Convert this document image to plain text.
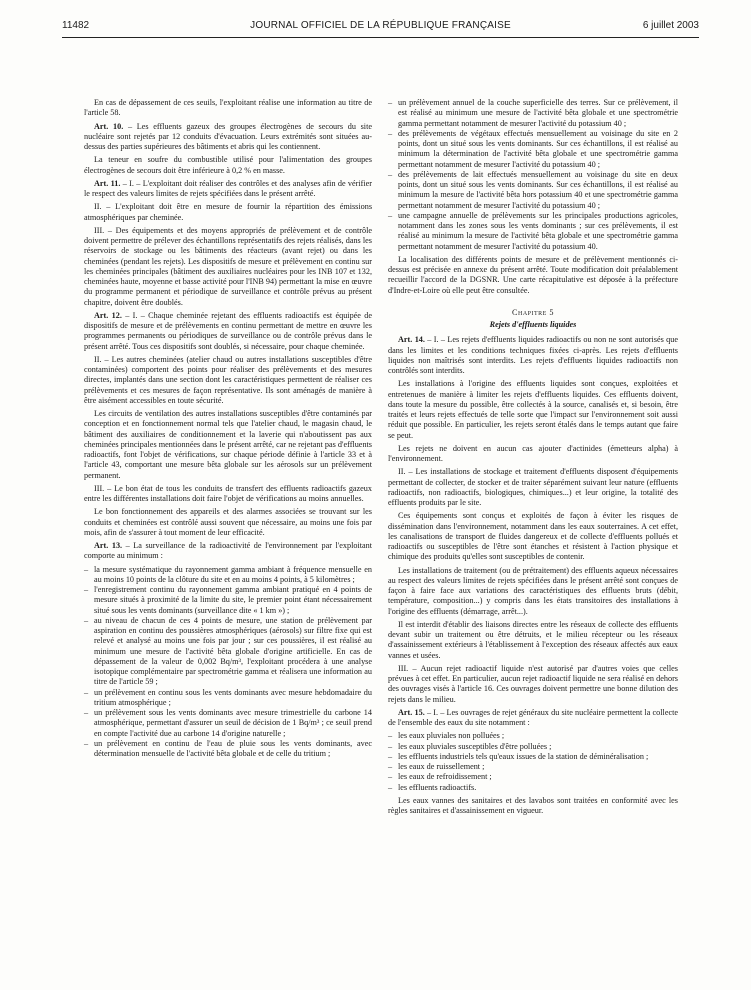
11482	JOURNAL OFFICIEL DE LA RÉPUBLIQUE FRANÇAISE	6 juillet 2003

En cas de dépassement de ces seuils, l'exploitant réalise une information au titre de l'article 58.

Art. 10. – Les effluents gazeux des groupes électrogènes de secours du site nucléaire sont rejetés par 12 conduits d'évacuation. Leurs extrémités sont situées au-dessus des parties supérieures des bâtiments et abris qui les contiennent.

La teneur en soufre du combustible utilisé pour l'alimentation des groupes électrogènes de secours doit être inférieure à 0,2 % en masse.

Art. 11. – I. – L'exploitant doit réaliser des contrôles et des analyses afin de vérifier le respect des valeurs limites de rejets spécifiées dans le présent arrêté.

II. – L'exploitant doit être en mesure de fournir la répartition des émissions atmosphériques par cheminée.

III. – Des équipements et des moyens appropriés de prélèvement et de contrôle doivent permettre de prélever des échantillons représentatifs des rejets réalisés, dans les réservoirs de stockage ou les bâtiments des réacteurs (avant rejet) ou dans les cheminées (pendant les rejets). Les dispositifs de mesure et prélèvement en continu sur les cheminées principales (bâtiment des auxiliaires nucléaires pour les INB 107 et 132, cheminées haute, moyenne et basse activité pour l'INB 94) permettant la mise en œuvre du programme permanent et périodique de surveillance et contrôle prévus au présent chapitre, doivent être doublés.

Art. 12. – I. – Chaque cheminée rejetant des effluents radioactifs est équipée de dispositifs de mesure et de prélèvements en continu permettant de mettre en œuvre les programmes permanents ou périodiques de surveillance ou de contrôle prévus dans le présent arrêté. Tous ces dispositifs sont doublés, si nécessaire, pour chaque cheminée.

II. – Les autres cheminées (atelier chaud ou autres installations susceptibles d'être contaminées) comportent des points pour réaliser des prélèvements et des mesures directes, implantés dans une section dont les caractéristiques permettent de réaliser ces prélèvements et ces mesures de façon représentative. Ils sont aménagés de manière à être aisément accessibles en toute sécurité.

Les circuits de ventilation des autres installations susceptibles d'être contaminés par conception et en fonctionnement normal tels que l'atelier chaud, le magasin chaud, le bâtiment des auxiliaires de conditionnement et la laverie qui n'aboutissent pas aux cheminées principales mentionnées dans le présent arrêté, car ne rejetant pas d'effluents radioactifs, font l'objet de vérifications, sur chaque période définie à l'article 33 et à l'article 43, comportant une mesure bêta globale sur les aérosols sur un prélèvement permanent.

III. – Le bon état de tous les conduits de transfert des effluents radioactifs gazeux entre les différentes installations doit faire l'objet de vérifications au moins annuelles.

Le bon fonctionnement des appareils et des alarmes associées se trouvant sur les conduits et cheminées est contrôlé aussi souvent que nécessaire, au moins une fois par mois, afin de s'assurer à tout moment de leur efficacité.

Art. 13. – La surveillance de la radioactivité de l'environnement par l'exploitant comporte au minimum :

– la mesure systématique du rayonnement gamma ambiant à fréquence mensuelle en au moins 10 points de la clôture du site et en au moins 4 points, à 5 kilomètres ;
– l'enregistrement continu du rayonnement gamma ambiant pratiqué en 4 points de mesure situés à proximité de la limite du site, le premier point étant nécessairement situé sous les vents dominants (surveillance dite « 1 km ») ;
– au niveau de chacun de ces 4 points de mesure, une station de prélèvement par aspiration en continu des poussières atmosphériques (aérosols) sur filtre fixe qui est relevé et analysé au moins une fois par jour ; sur ces poussières, il est réalisé au minimum une mesure de l'activité bêta globale d'origine artificielle. En cas de dépassement de la valeur de 0,002 Bq/m³, l'exploitant procédera à une analyse isotopique complémentaire par spectrométrie gamma et réalisera une information au titre de l'article 59 ;
– un prélèvement en continu sous les vents dominants avec mesure hebdomadaire du tritium atmosphérique ;
– un prélèvement sous les vents dominants avec mesure trimestrielle du carbone 14 atmosphérique, permettant d'assurer un seuil de décision de 1 Bq/m³ ; ce seuil prend en compte l'activité due au carbone 14 d'origine naturelle ;
– un prélèvement en continu de l'eau de pluie sous les vents dominants, avec détermination mensuelle de l'activité bêta globale et de celle du tritium ;
– un prélèvement annuel de la couche superficielle des terres. Sur ce prélèvement, il est réalisé au minimum une mesure de l'activité bêta globale et une spectrométrie gamma permettant notamment de mesurer l'activité du potassium 40 ;
– des prélèvements de végétaux effectués mensuellement au voisinage du site en 2 points, dont un situé sous les vents dominants. Sur ces échantillons, il est réalisé au minimum la détermination de l'activité bêta globale et une spectrométrie gamma permettant notamment de mesurer l'activité du potassium 40 ;
– des prélèvements de lait effectués mensuellement au voisinage du site en deux points, dont un situé sous les vents dominants. Sur ces échantillons, il est réalisé au minimum la mesure de l'activité bêta hors potassium 40 et une spectrométrie gamma permettant notamment de mesurer l'activité du potassium 40 ;
– une campagne annuelle de prélèvements sur les principales productions agricoles, notamment dans les zones sous les vents dominants ; sur ces prélèvements, il est réalisé au minimum la mesure de l'activité bêta globale et une spectrométrie gamma permettant notamment de mesurer l'activité du potassium 40.

La localisation des différents points de mesure et de prélèvement mentionnés ci-dessus est précisée en annexe du présent arrêté. Toute modification doit préalablement recueillir l'accord de la DGSNR. Une carte récapitulative est déposée à la préfecture d'Indre-et-Loire où elle peut être consultée.

Chapitre 5
Rejets d'effluents liquides

Art. 14. – I. – Les rejets d'effluents liquides radioactifs ou non ne sont autorisés que dans les limites et les conditions techniques fixées ci-après. Les rejets d'effluents liquides non maîtrisés sont interdits. Les rejets d'effluents liquides radioactifs non contrôlés sont interdits.

Les installations à l'origine des effluents liquides sont conçues, exploitées et entretenues de manière à limiter les rejets d'effluents liquides. Ces effluents doivent, dans toute la mesure du possible, être collectés à la source, canalisés et, si besoin, être traités et leurs rejets effectués de telle sorte que l'impact sur l'environnement soit aussi réduit que possible. En particulier, les rejets seront étalés dans le temps autant que faire se peut.

Les rejets ne doivent en aucun cas ajouter d'actinides (émetteurs alpha) à l'environnement.

II. – Les installations de stockage et traitement d'effluents disposent d'équipements permettant de collecter, de stocker et de traiter séparément suivant leur nature (effluents radioactifs, non radioactifs, biologiques, chimiques...) et leur origine, la totalité des effluents produits par le site.

Ces équipements sont conçus et exploités de façon à éviter les risques de dissémination dans l'environnement, notamment dans les eaux souterraines. A cet effet, les canalisations de transport de fluides dangereux et de collecte d'effluents pollués et radioactifs ou susceptibles de l'être sont étanches et résistent à l'action physique et chimique des produits qu'elles sont susceptibles de contenir.

Les installations de traitement (ou de prétraitement) des effluents aqueux nécessaires au respect des valeurs limites de rejets spécifiées dans le présent arrêté sont conçues de façon à faire face aux variations des caractéristiques des effluents bruts (débit, température, composition...) y compris dans les états transitoires des installations à l'origine des effluents (démarrage, arrêt...).

Il est interdit d'établir des liaisons directes entre les réseaux de collecte des effluents devant subir un traitement ou être détruits, et le milieu récepteur ou les réseaux d'assainissement extérieurs à l'établissement à l'exception des réseaux affectés aux eaux vannes et usées.

III. – Aucun rejet radioactif liquide n'est autorisé par d'autres voies que celles prévues à cet effet. En particulier, aucun rejet radioactif liquide ne sera réalisé en dehors des ouvrages visés à l'article 16. Ces ouvrages doivent permettre une bonne dilution des rejets dans le milieu.

Art. 15. – I. – Les ouvrages de rejet généraux du site nucléaire permettent la collecte de l'ensemble des eaux du site notamment :

– les eaux pluviales non polluées ;
– les eaux pluviales susceptibles d'être polluées ;
– les effluents industriels tels qu'eaux issues de la station de déminéralisation ;
– les eaux de ruissellement ;
– les eaux de refroidissement ;
– les effluents radioactifs.

Les eaux vannes des sanitaires et des lavabos sont traitées en conformité avec les règles sanitaires et d'assainissement en vigueur.
